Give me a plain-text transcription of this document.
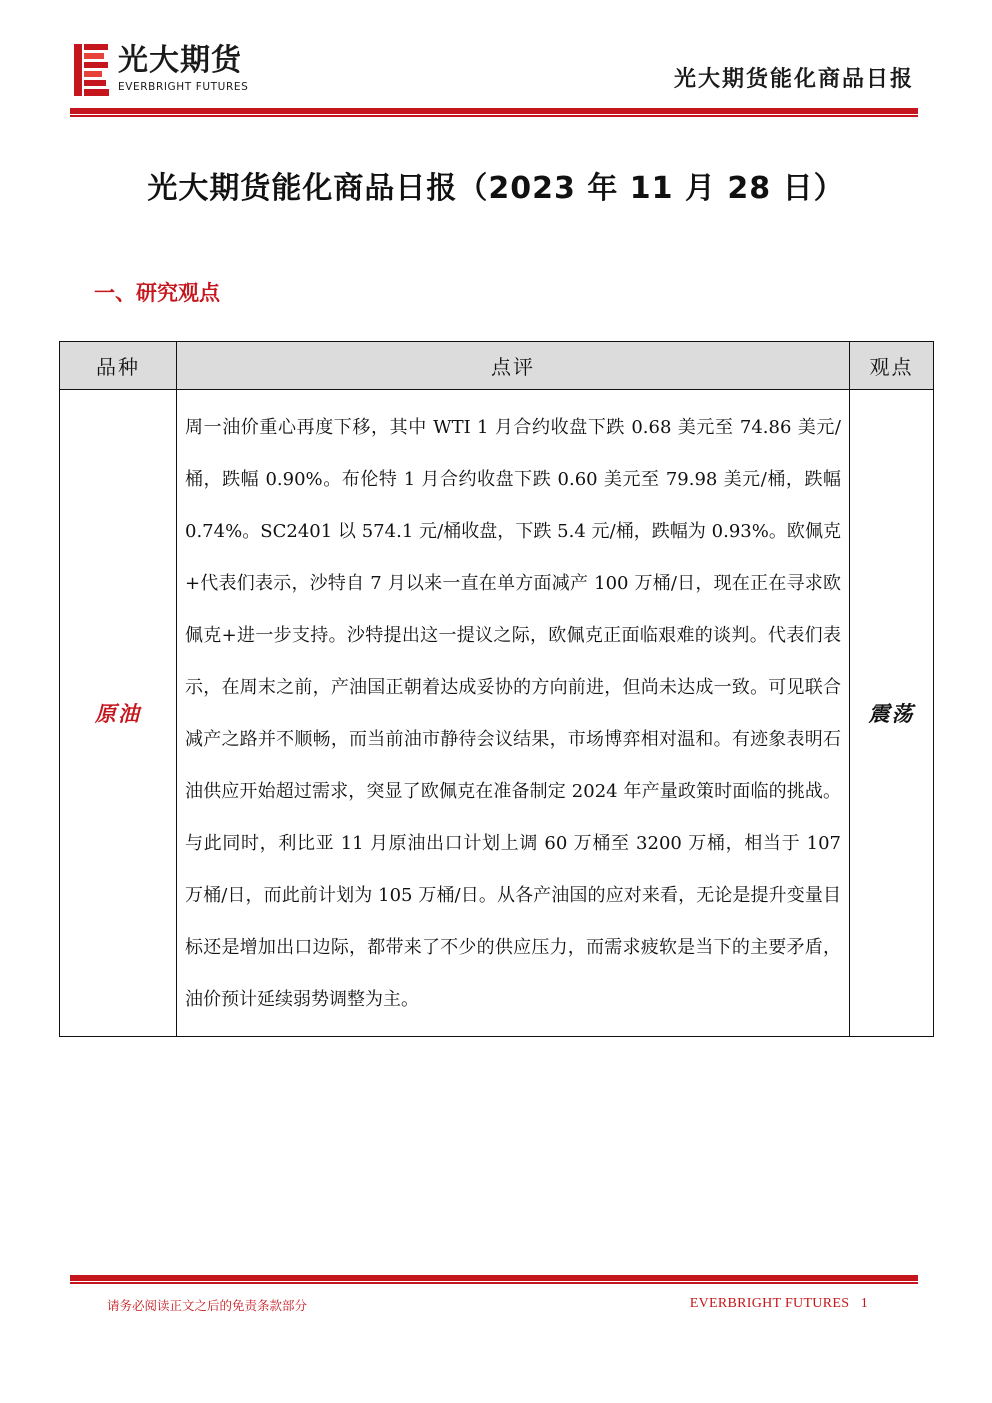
光大期货
EVERBRIGHT FUTURES	光大期货能化商品日报
光大期货能化商品日报（2023 年 11 月 28 日）
一、研究观点
品种	点评	观点
原油	周一油价重心再度下移，其中 WTI 1 月合约收盘下跌 0.68 美元至 74.86 美元/桶，跌幅 0.90%。布伦特 1 月合约收盘下跌 0.60 美元至 79.98 美元/桶，跌幅 0.74%。SC2401 以 574.1 元/桶收盘，下跌 5.4 元/桶，跌幅为 0.93%。欧佩克+代表们表示，沙特自 7 月以来一直在单方面减产 100 万桶/日，现在正在寻求欧佩克+进一步支持。沙特提出这一提议之际，欧佩克正面临艰难的谈判。代表们表示，在周末之前，产油国正朝着达成妥协的方向前进，但尚未达成一致。可见联合减产之路并不顺畅，而当前油市静待会议结果，市场博弈相对温和。有迹象表明石油供应开始超过需求，突显了欧佩克在准备制定 2024 年产量政策时面临的挑战。与此同时，利比亚 11 月原油出口计划上调 60 万桶至 3200 万桶，相当于 107 万桶/日，而此前计划为 105 万桶/日。从各产油国的应对来看，无论是提升变量目标还是增加出口边际，都带来了不少的供应压力，而需求疲软是当下的主要矛盾，油价预计延续弱势调整为主。	震荡
请务必阅读正文之后的免责条款部分	EVERBRIGHT FUTURES 1
